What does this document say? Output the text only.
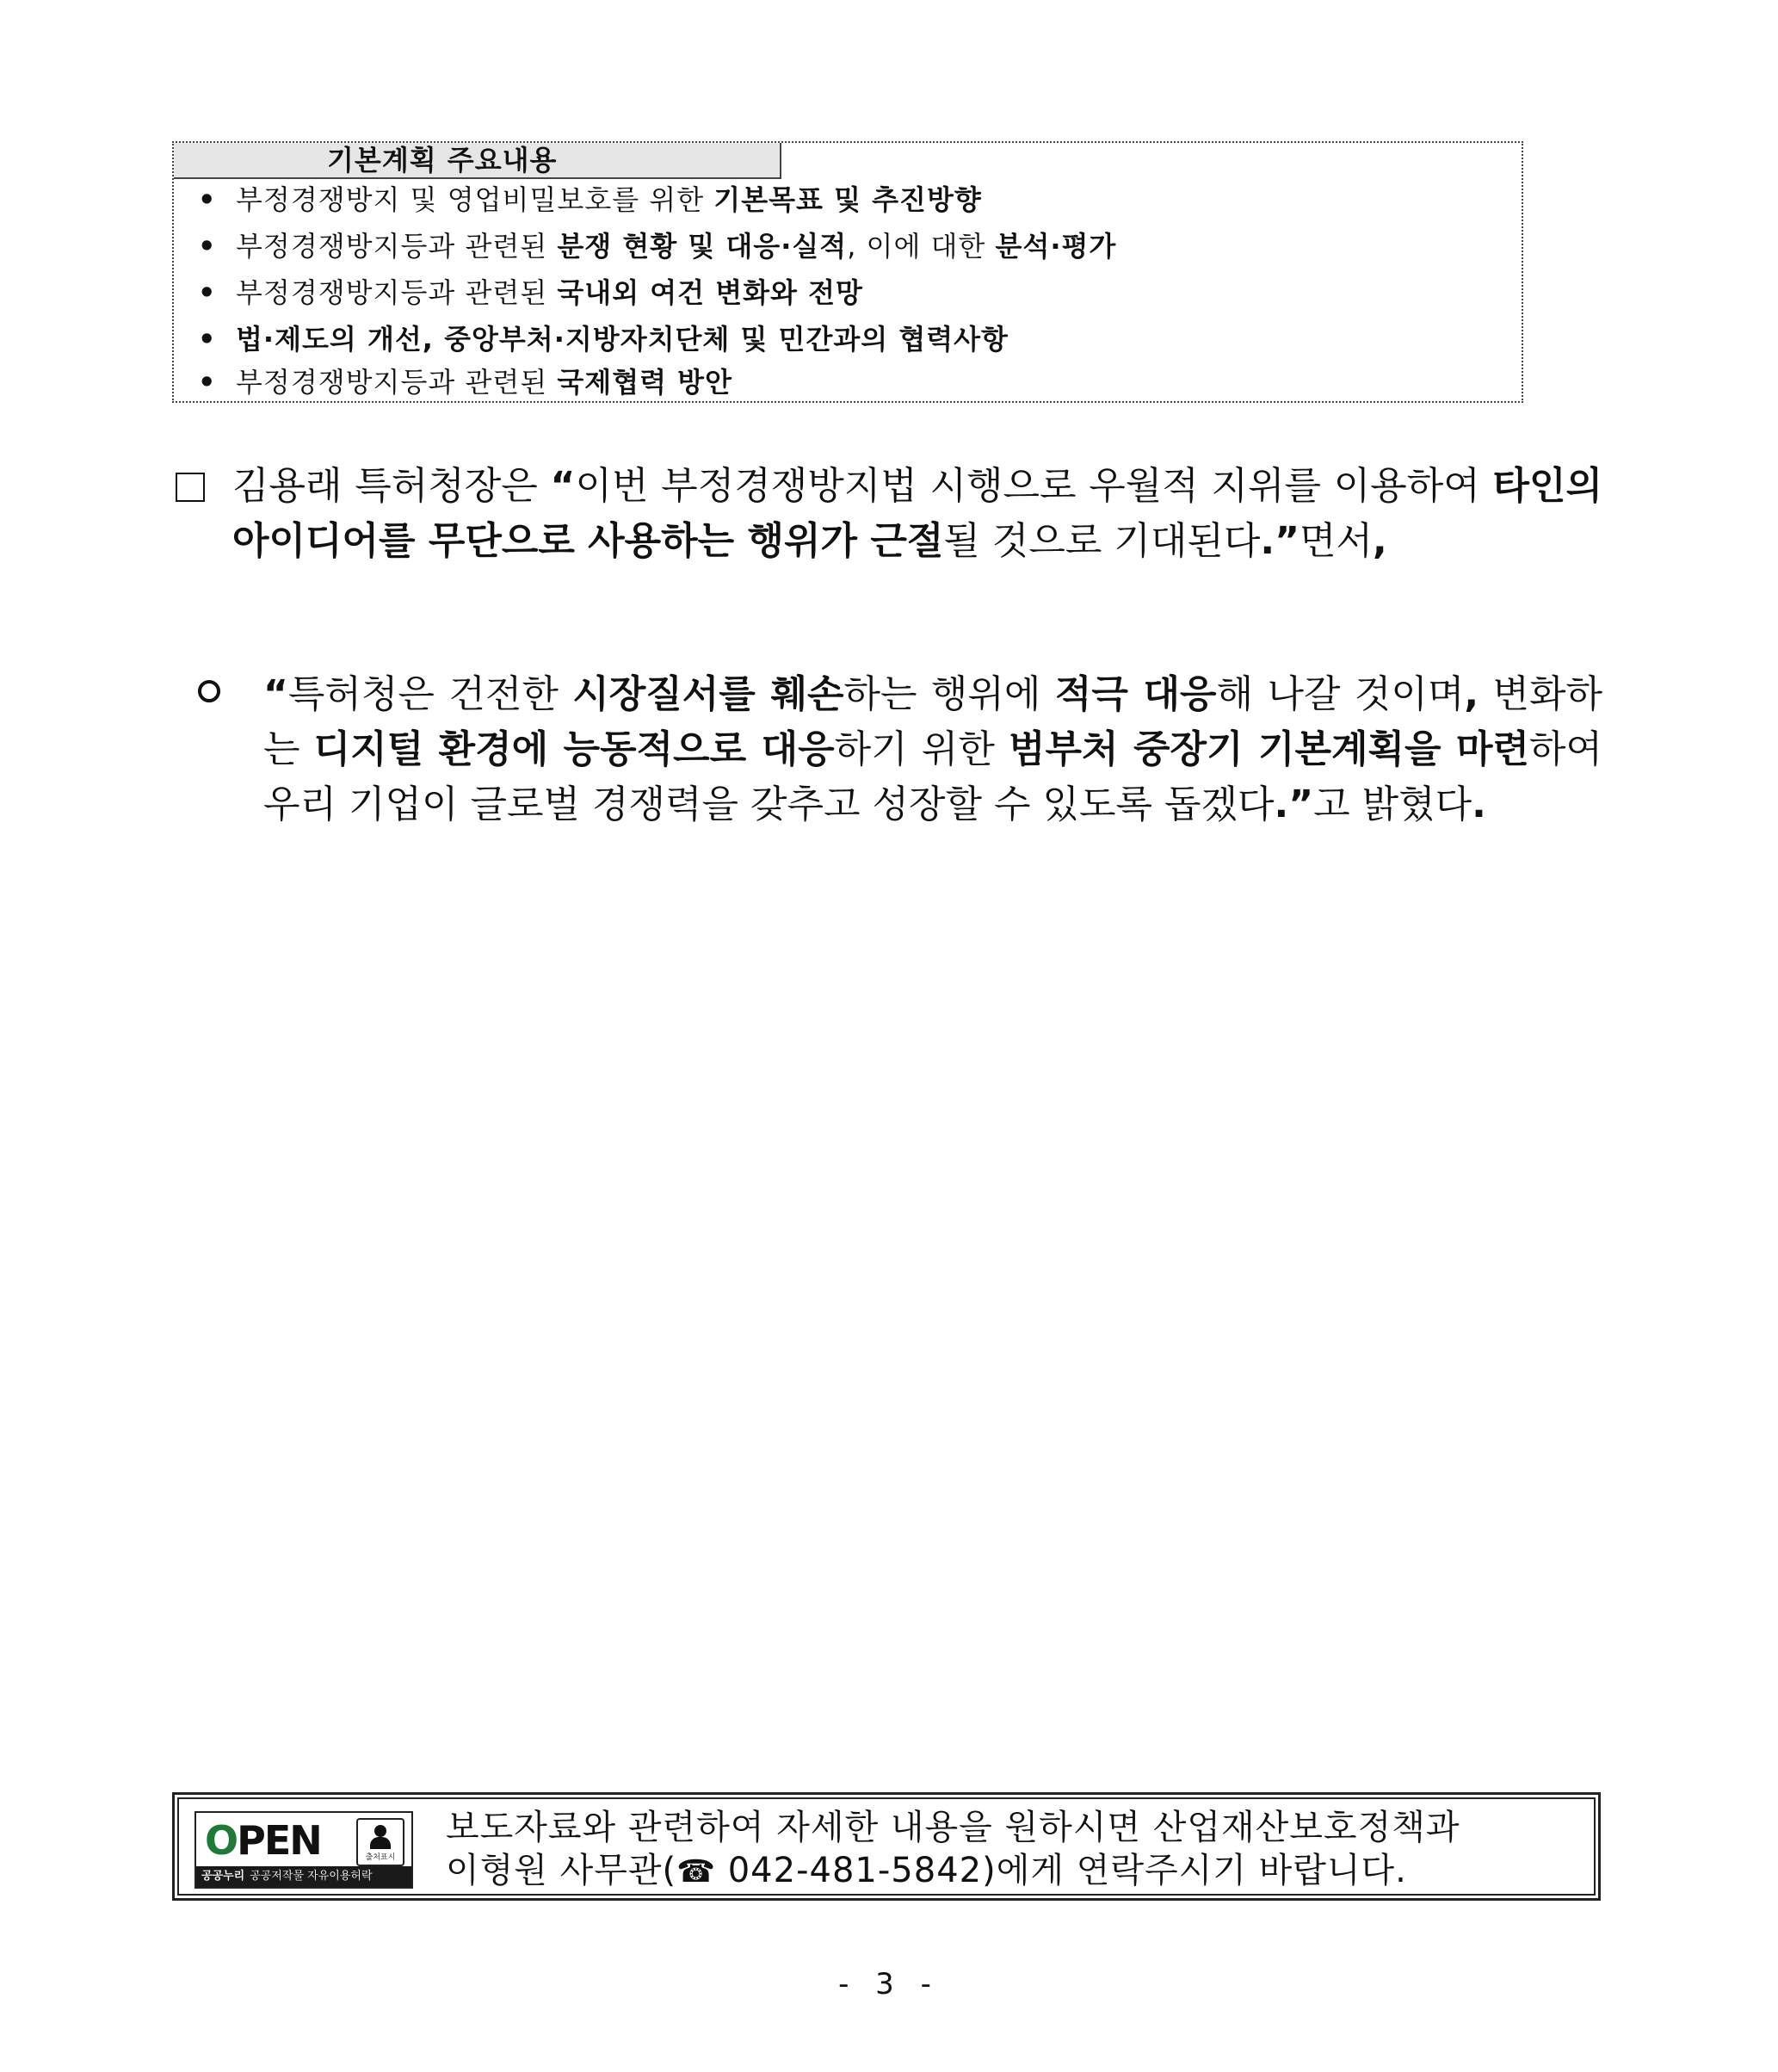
기본계획 주요내용
• 부정경쟁방지 및 영업비밀보호를 위한 기본목표 및 추진방향
• 부정경쟁방지등과 관련된 분쟁 현황 및 대응·실적, 이에 대한 분석·평가
• 부정경쟁방지등과 관련된 국내외 여건 변화와 전망
• 법·제도의 개선, 중앙부처·지방자치단체 및 민간과의 협력사항
• 부정경쟁방지등과 관련된 국제협력 방안
김용래 특허청장은 “이번 부정경쟁방지법 시행으로 우월적 지위를 이용하여 타인의 아이디어를 무단으로 사용하는 행위가 근절될 것으로 기대된다.”면서,
“특허청은 건전한 시장질서를 훼손하는 행위에 적극 대응해 나갈 것이며, 변화하는 디지털 환경에 능동적으로 대응하기 위한 범부처 중장기 기본계획을 마련하여 우리 기업이 글로벌 경쟁력을 갖추고 성장할 수 있도록 돕겠다.”고 밝혔다.
OPEN	출처표시
공공누리 공공저작물 자유이용허락
보도자료와 관련하여 자세한 내용을 원하시면 산업재산보호정책과
이형원 사무관(☎ 042-481-5842)에게 연락주시기 바랍니다.
- 3 -
